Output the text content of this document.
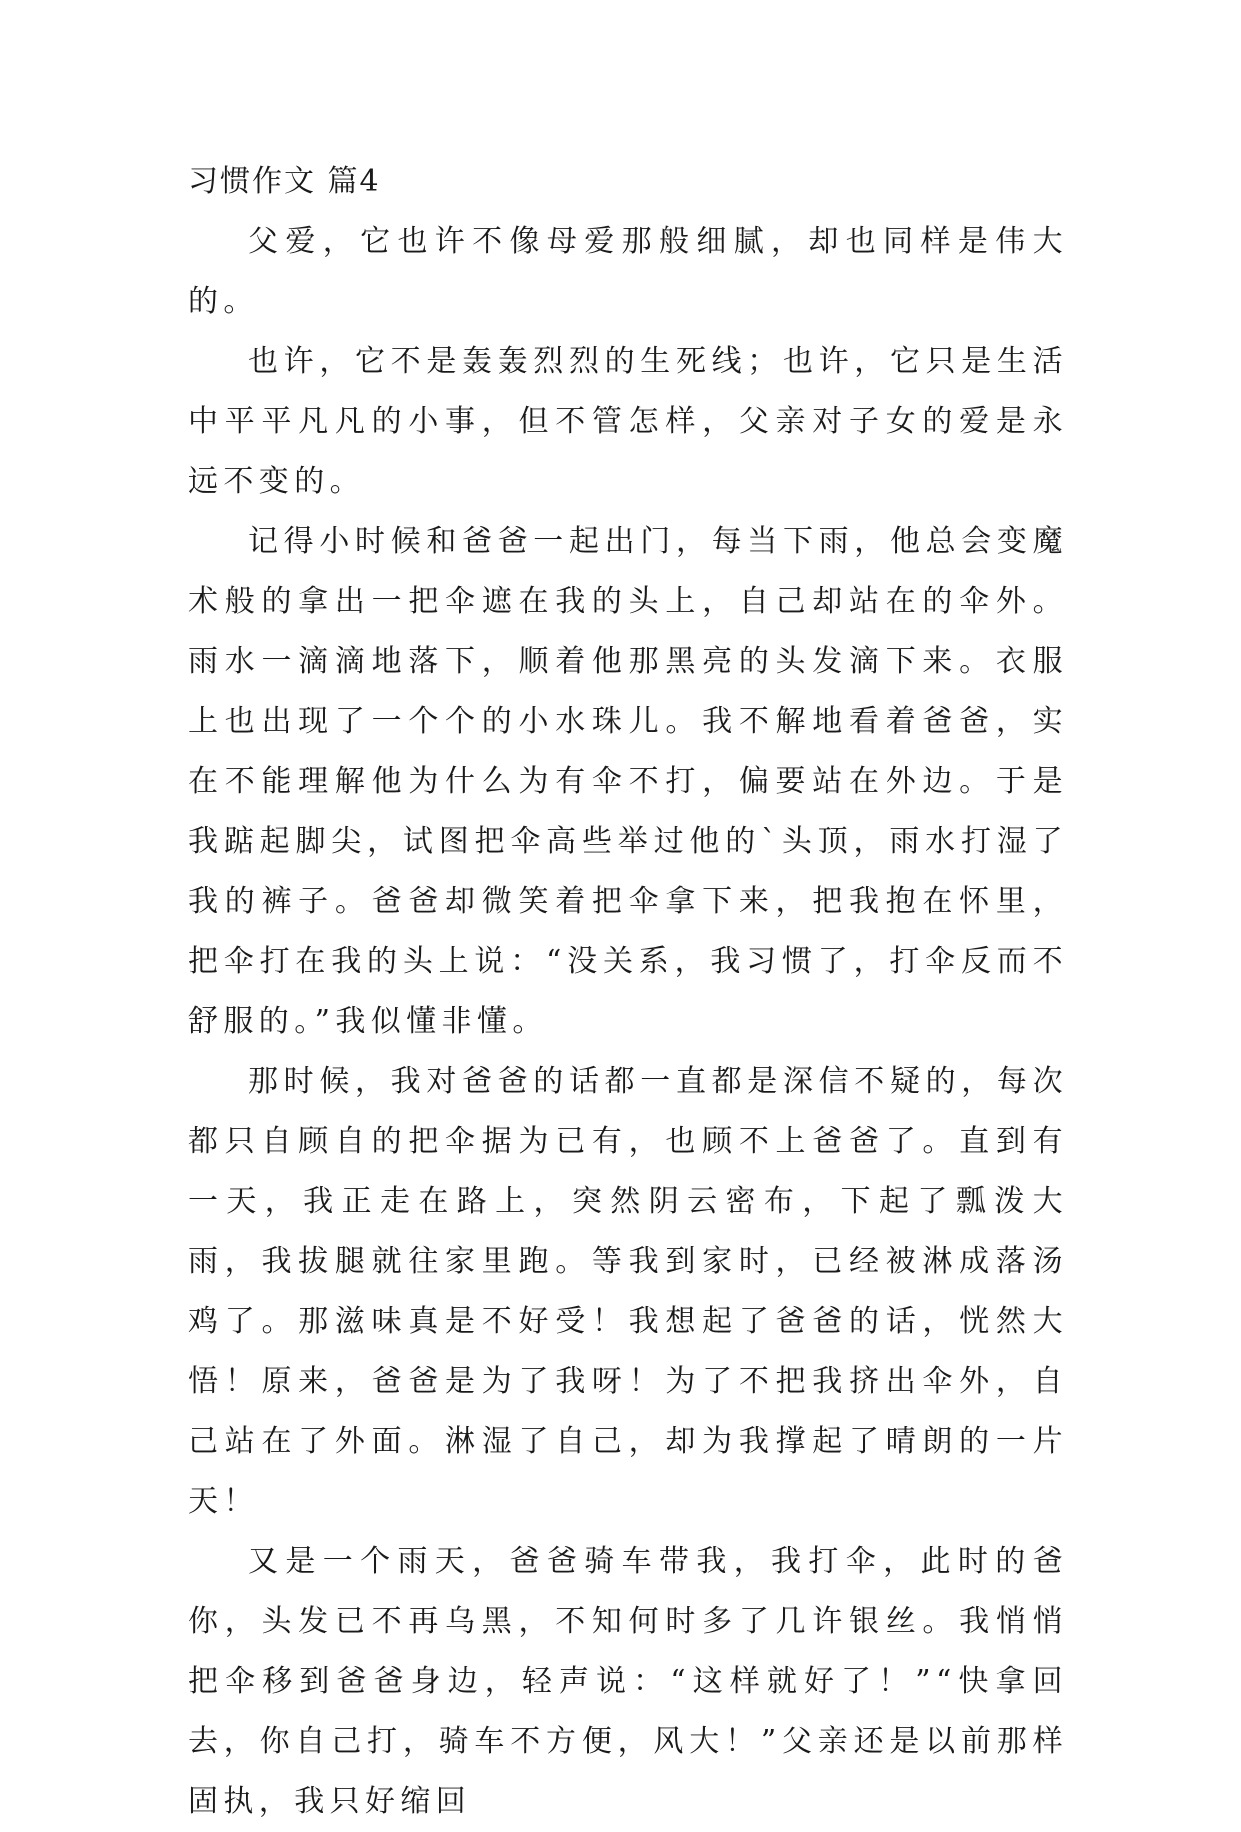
习惯作文 篇4

父爱，它也许不像母爱那般细腻，却也同样是伟大的。

也许，它不是轰轰烈烈的生死线；也许，它只是生活中平平凡凡的小事，但不管怎样，父亲对子女的爱是永远不变的。

记得小时候和爸爸一起出门，每当下雨，他总会变魔术般的拿出一把伞遮在我的头上，自己却站在的伞外。雨水一滴滴地落下，顺着他那黑亮的头发滴下来。衣服上也出现了一个个的小水珠儿。我不解地看着爸爸，实在不能理解他为什么为有伞不打，偏要站在外边。于是我踮起脚尖，试图把伞高些举过他的`头顶，雨水打湿了我的裤子。爸爸却微笑着把伞拿下来，把我抱在怀里，把伞打在我的头上说：“没关系，我习惯了，打伞反而不舒服的。”我似懂非懂。

那时候，我对爸爸的话都一直都是深信不疑的，每次都只自顾自的把伞据为已有，也顾不上爸爸了。直到有一天，我正走在路上，突然阴云密布，下起了瓢泼大雨，我拔腿就往家里跑。等我到家时，已经被淋成落汤鸡了。那滋味真是不好受！我想起了爸爸的话，恍然大悟！原来，爸爸是为了我呀！为了不把我挤出伞外，自己站在了外面。淋湿了自己，却为我撑起了晴朗的一片天！

又是一个雨天，爸爸骑车带我，我打伞，此时的爸你，头发已不再乌黑，不知何时多了几许银丝。我悄悄把伞移到爸爸身边，轻声说：“这样就好了！”“快拿回去，你自己打，骑车不方便，风大！”父亲还是以前那样固执，我只好缩回
